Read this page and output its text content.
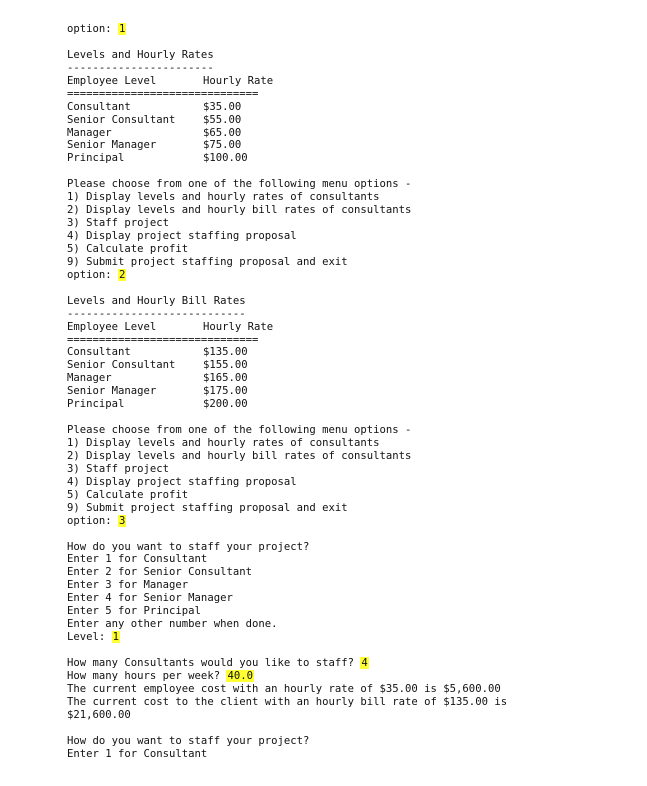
option: 1
Levels and Hourly Rates
-----------------------
Employee Level	Hourly Rate
==============================
Consultant	$35.00
Senior Consultant	$55.00
Manager	$65.00
Senior Manager	$75.00
Principal	$100.00
Please choose from one of the following menu options -
1) Display levels and hourly rates of consultants
2) Display levels and hourly bill rates of consultants
3) Staff project
4) Display project staffing proposal
5) Calculate profit
9) Submit project staffing proposal and exit
option: 2
Levels and Hourly Bill Rates
----------------------------
Employee Level	Hourly Rate
==============================
Consultant	$135.00
Senior Consultant	$155.00
Manager	$165.00
Senior Manager	$175.00
Principal	$200.00
Please choose from one of the following menu options -
1) Display levels and hourly rates of consultants
2) Display levels and hourly bill rates of consultants
3) Staff project
4) Display project staffing proposal
5) Calculate profit
9) Submit project staffing proposal and exit
option: 3
How do you want to staff your project?
Enter 1 for Consultant
Enter 2 for Senior Consultant
Enter 3 for Manager
Enter 4 for Senior Manager
Enter 5 for Principal
Enter any other number when done.
Level: 1
How many Consultants would you like to staff? 4
How many hours per week? 40.0
The current employee cost with an hourly rate of $35.00 is $5,600.00
The current cost to the client with an hourly bill rate of $135.00 is
$21,600.00
How do you want to staff your project?
Enter 1 for Consultant
